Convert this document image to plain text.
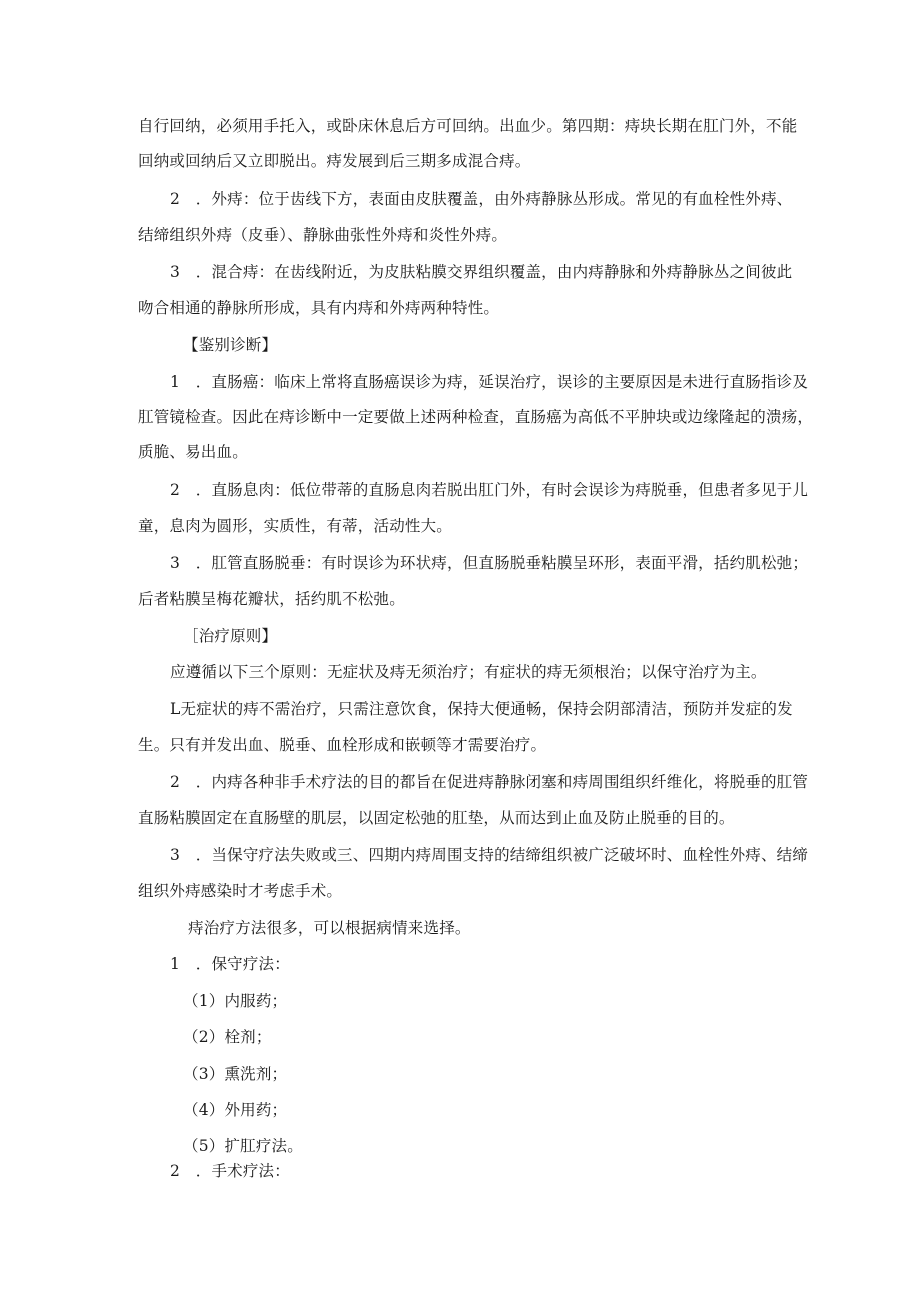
自行回纳，必须用手托入，或卧床休息后方可回纳。出血少。第四期：痔块长期在肛门外，不能
回纳或回纳后又立即脱出。痔发展到后三期多成混合痔。
2　．外痔：位于齿线下方，表面由皮肤覆盖，由外痔静脉丛形成。常见的有血栓性外痔、
结缔组织外痔（皮垂）、静脉曲张性外痔和炎性外痔。
3　．混合痔：在齿线附近，为皮肤粘膜交界组织覆盖，由内痔静脉和外痔静脉丛之间彼此
吻合相通的静脉所形成，具有内痔和外痔两种特性。
【鉴别诊断】
1　．直肠癌：临床上常将直肠癌误诊为痔，延误治疗，误诊的主要原因是未进行直肠指诊及
肛管镜检查。因此在痔诊断中一定要做上述两种检查，直肠癌为高低不平肿块或边缘隆起的溃疡，
质脆、易出血。
2　．直肠息肉：低位带蒂的直肠息肉若脱出肛门外，有时会误诊为痔脱垂，但患者多见于儿
童，息肉为圆形，实质性，有蒂，活动性大。
3　．肛管直肠脱垂：有时误诊为环状痔，但直肠脱垂粘膜呈环形，表面平滑，括约肌松弛；
后者粘膜呈梅花瓣状，括约肌不松弛。
［治疗原则】
应遵循以下三个原则：无症状及痔无须治疗；有症状的痔无须根治；以保守治疗为主。
L无症状的痔不需治疗，只需注意饮食，保持大便通畅，保持会阴部清洁，预防并发症的发
生。只有并发出血、脱垂、血栓形成和嵌顿等才需要治疗。
2　．内痔各种非手术疗法的目的都旨在促进痔静脉闭塞和痔周围组织纤维化，将脱垂的肛管
直肠粘膜固定在直肠壁的肌层，以固定松弛的肛垫，从而达到止血及防止脱垂的目的。
3　．当保守疗法失败或三、四期内痔周围支持的结缔组织被广泛破坏时、血栓性外痔、结缔
组织外痔感染时才考虑手术。
痔治疗方法很多，可以根据病情来选择。
1　．保守疗法：
（1）内服药；
（2）栓剂；
（3）熏洗剂；
（4）外用药；
（5）扩肛疗法。
2　．手术疗法：
